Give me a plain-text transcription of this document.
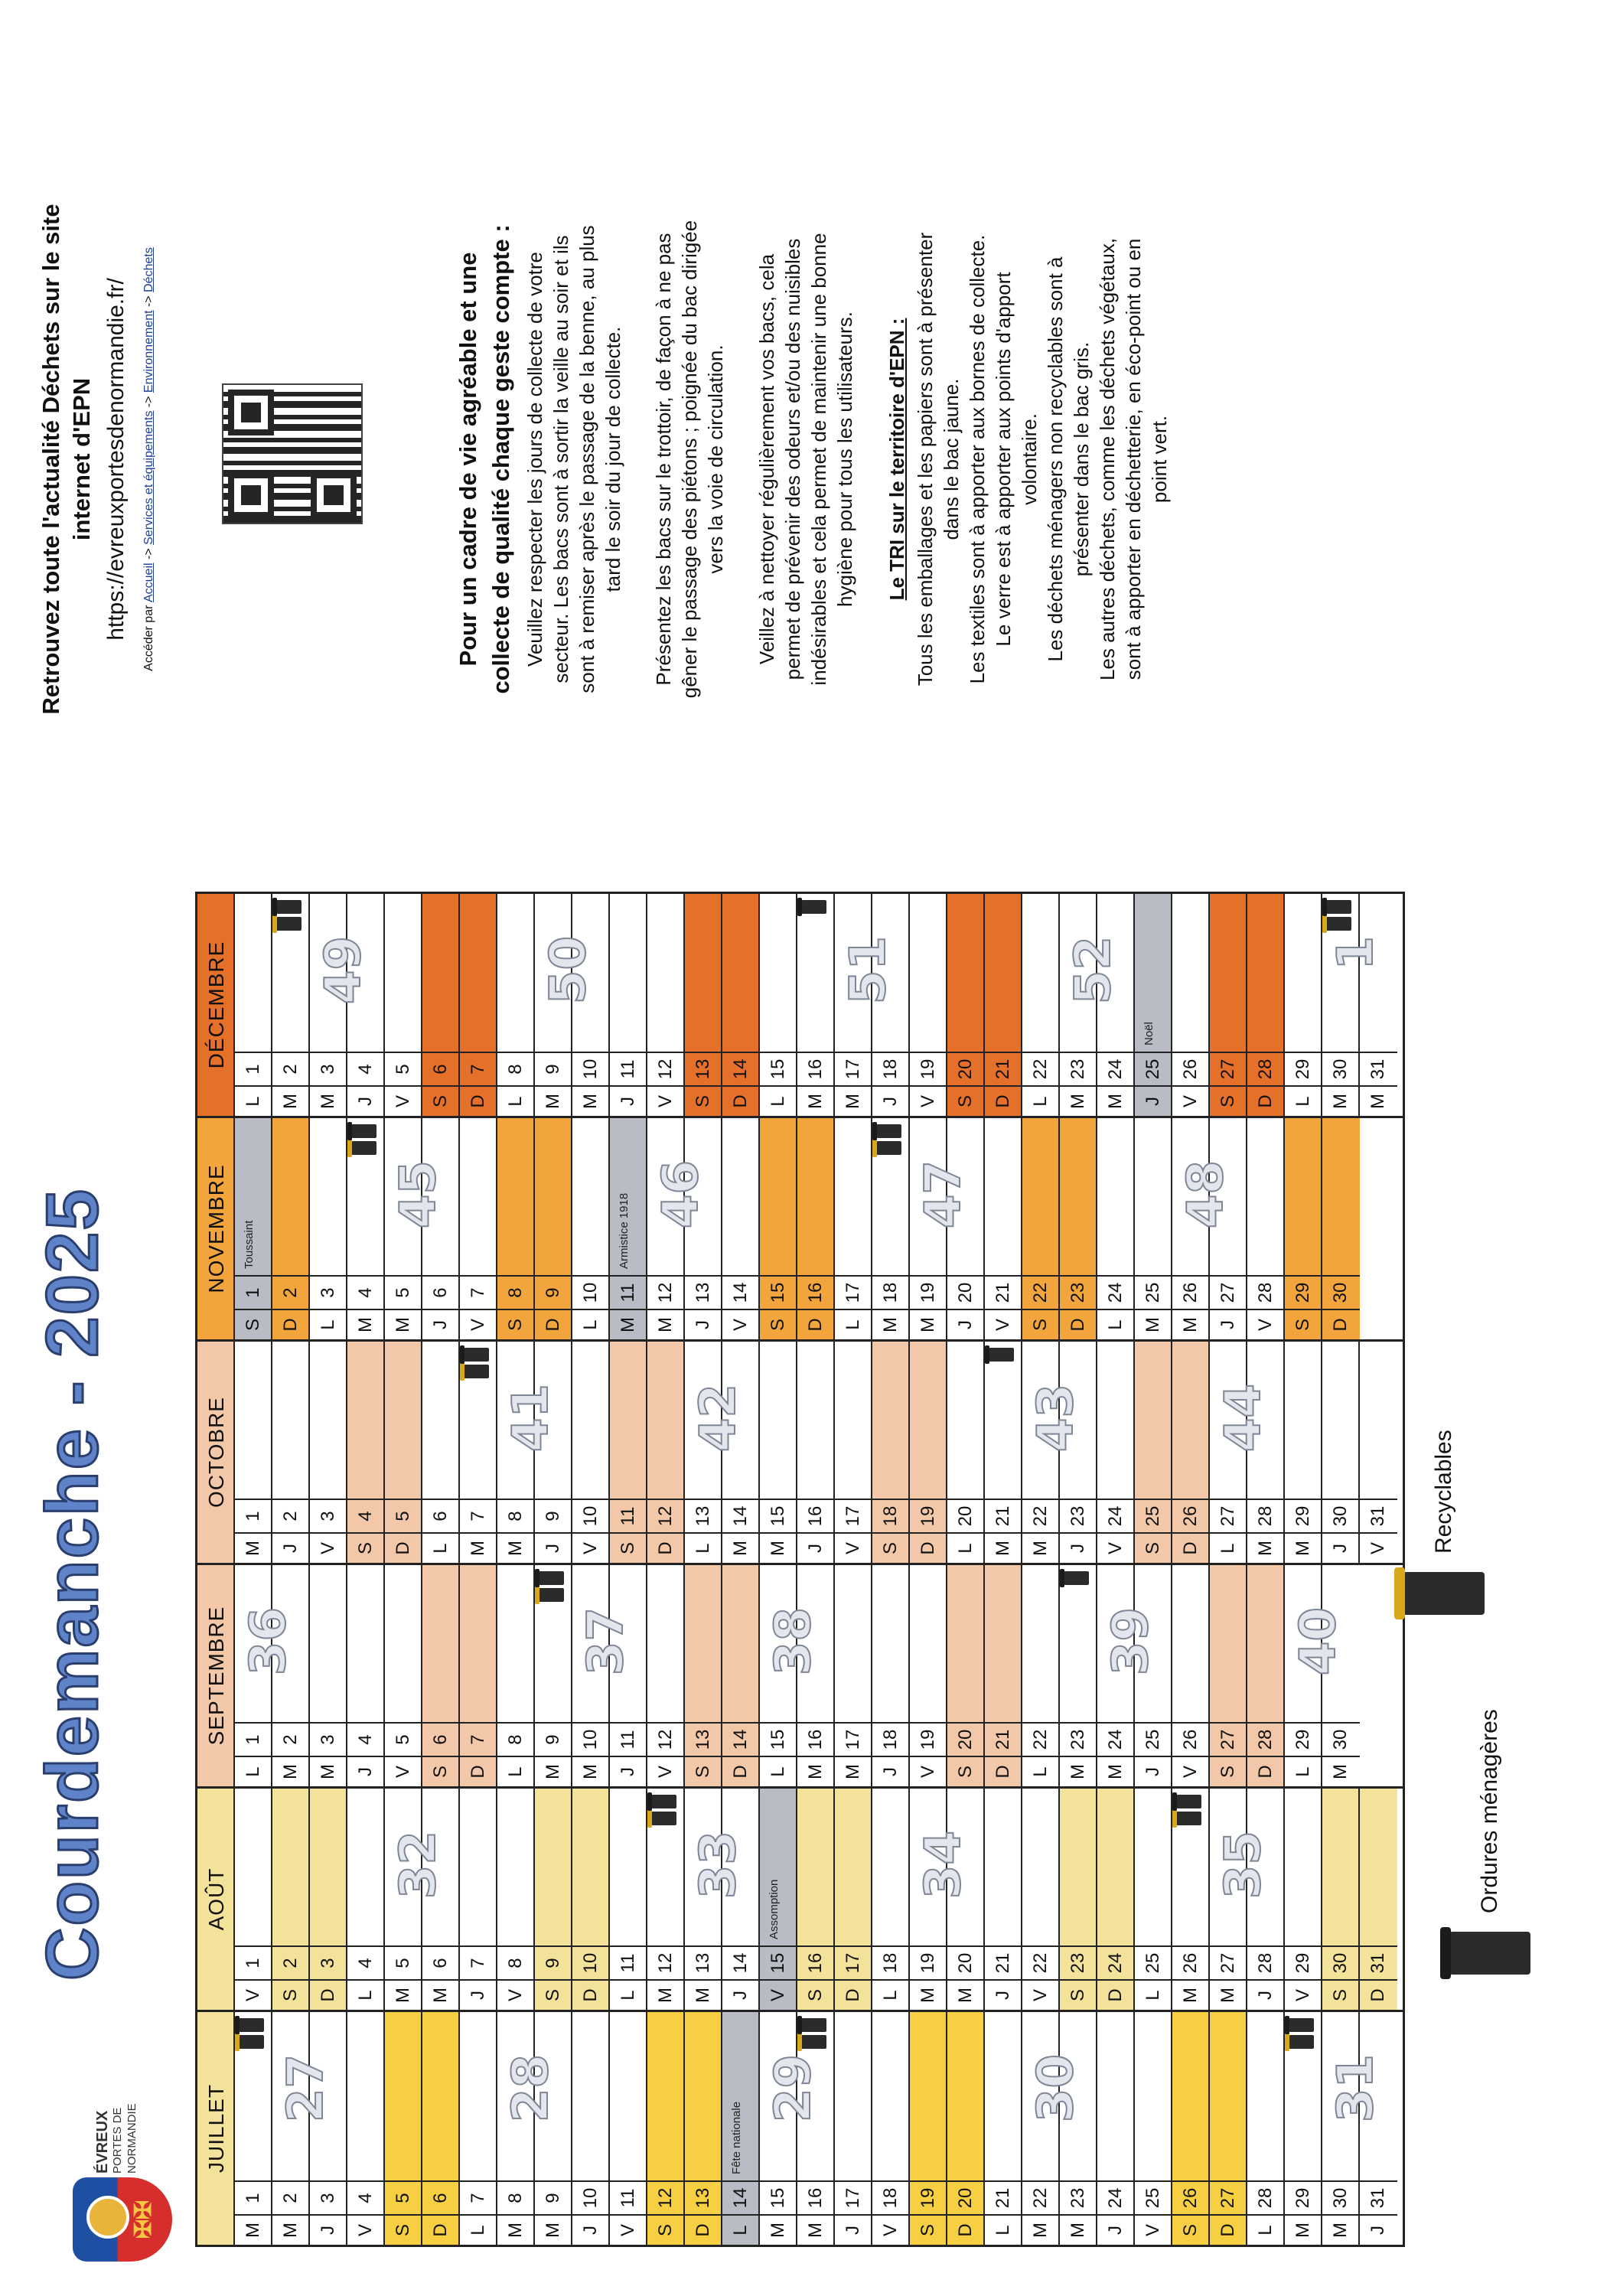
✠✠
ÉVREUX PORTES DE NORMANDIE
Courdemanche - 2025
JUILLET
M
1
M
2
27
J
3
V
4
S
5
D
6
L
7
M
8
28
M
9
J
10
V
11
S
12
D
13
L
14
Fête nationale
M
15
29
M
16
J
17
V
18
S
19
D
20
L
21
M
22
30
M
23
J
24
V
25
S
26
D
27
L
28
M
29
M
30
31
J
31
AOÛT
V
1
S
2
D
3
L
4
M
5
32
M
6
J
7
V
8
S
9
D
10
L
11
M
12
M
13
33
J
14
V
15
Assomption
S
16
D
17
L
18
M
19
34
M
20
J
21
V
22
S
23
D
24
L
25
M
26
M
27
35
J
28
V
29
S
30
D
31
SEPTEMBRE
L
1
36
M
2
M
3
J
4
V
5
S
6
D
7
L
8
M
9
M
10
37
J
11
V
12
S
13
D
14
L
15
38
M
16
M
17
J
18
V
19
S
20
D
21
L
22
M
23
M
24
39
J
25
V
26
S
27
D
28
L
29
40
M
30
OCTOBRE
M
1
J
2
V
3
S
4
D
5
L
6
M
7
M
8
41
J
9
V
10
S
11
D
12
L
13
42
M
14
M
15
J
16
V
17
S
18
D
19
L
20
M
21
M
22
43
J
23
V
24
S
25
D
26
L
27
44
M
28
M
29
J
30
V
31
NOVEMBRE
S
1
Toussaint
D
2
L
3
M
4
M
5
45
J
6
V
7
S
8
D
9
L
10
M
11
Armistice 1918
M
12
46
J
13
V
14
S
15
D
16
L
17
M
18
M
19
47
J
20
V
21
S
22
D
23
L
24
M
25
M
26
48
J
27
V
28
S
29
D
30
DÉCEMBRE
L
1
M
2
M
3
49
J
4
V
5
S
6
D
7
L
8
M
9
50
M
10
J
11
V
12
S
13
D
14
L
15
M
16
M
17
51
J
18
V
19
S
20
D
21
L
22
M
23
52
M
24
J
25
Noël
V
26
S
27
D
28
L
29
M
30
1
M
31
Ordures ménagères
Recyclables
Retrouvez toute l'actualité Déchets sur le site internet d'EPN https://evreuxportesdenormandie.fr/	Accéder par Accueil -> Services et équipements -> Environnement -> Déchets	Pour un cadre de vie agréable et une collecte de qualité chaque geste compte : Veuillez respecter les jours de collecte de votre secteur. Les bacs sont à sortir la veille au soir et ils sont à remiser après le passage de la benne, au plus tard le soir du jour de collecte. Présentez les bacs sur le trottoir, de façon à ne pas gêner le passage des piétons ; poignée du bac dirigée vers la voie de circulation. Veillez à nettoyer régulièrement vos bacs, cela permet de prévenir des odeurs et/ou des nuisibles indésirables et cela permet de maintenir une bonne hygiène pour tous les utilisateurs. Le TRI sur le territoire d'EPN : Tous les emballages et les papiers sont à présenter dans le bac jaune. Les textiles sont à apporter aux bornes de collecte. Le verre est à apporter aux points d'apport volontaire. Les déchets ménagers non recyclables sont à présenter dans le bac gris. Les autres déchets, comme les déchets végétaux, sont à apporter en déchetterie, en éco-point ou en point vert.
